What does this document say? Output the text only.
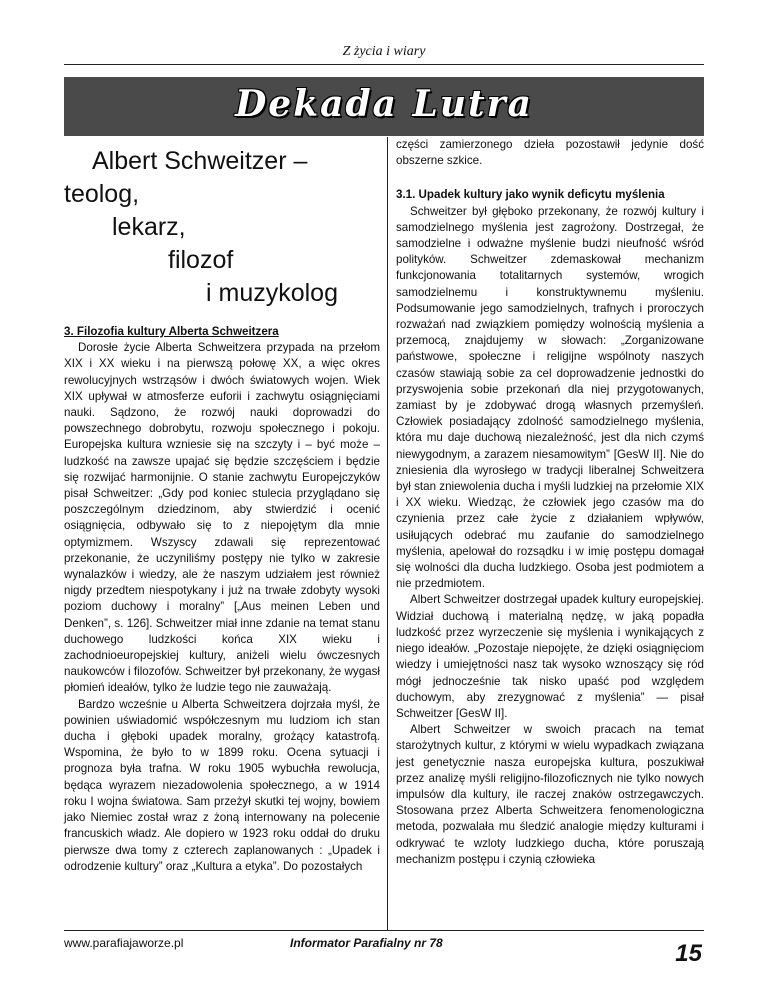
Z życia i wiary
Dekada Lutra
Albert Schweitzer –
teolog,
lekarz,
filozof
i muzykolog
3. Filozofia kultury Alberta Schweitzera

Dorosłe życie Alberta Schweitzera przypada na przełom XIX i XX wieku i na pierwszą połowę XX, a więc okres rewolucyjnych wstrząsów i dwóch światowych wojen. Wiek XIX upływał w atmosferze euforii i zachwytu osiągnięciami nauki. Sądzono, że rozwój nauki doprowadzi do powszechnego dobrobytu, rozwoju społecznego i pokoju. Europejska kultura wzniesie się na szczyty i – być może – ludzkość na zawsze upajać się będzie szczęściem i będzie się rozwijać harmonijnie. O stanie zachwytu Europejczyków pisał Schweitzer: „Gdy pod koniec stulecia przyglądano się poszczególnym dziedzinom, aby stwierdzić i ocenić osiągnięcia, odbywało się to z niepojętym dla mnie optymizmem. Wszyscy zdawali się reprezentować przekonanie, że uczyniliśmy postępy nie tylko w zakresie wynalazków i wiedzy, ale że naszym udziałem jest również nigdy przedtem niespotykany i już na trwałe zdobyty wysoki poziom duchowy i moralny” [„Aus meinen Leben und Denken”, s. 126]. Schweitzer miał inne zdanie na temat stanu duchowego ludzkości końca XIX wieku i zachodnioeuropejskiej kultury, aniżeli wielu ówczesnych naukowców i filozofów. Schweitzer był przekonany, że wygasł płomień ideałów, tylko że ludzie tego nie zauważają.

Bardzo wcześnie u Alberta Schweitzera dojrzała myśl, że powinien uświadomić współczesnym mu ludziom ich stan ducha i głęboki upadek moralny, grożący katastrofą. Wspomina, że było to w 1899 roku. Ocena sytuacji i prognoza była trafna. W roku 1905 wybuchła rewolucja, będąca wyrazem niezadowolenia społecznego, a w 1914 roku I wojna światowa. Sam przeżył skutki tej wojny, bowiem jako Niemiec został wraz z żoną internowany na polecenie francuskich władz. Ale dopiero w 1923 roku oddał do druku pierwsze dwa tomy z czterech zaplanowanych : „Upadek i odrodzenie kultury” oraz „Kultura a etyka”. Do pozostałych

części zamierzonego dzieła pozostawił jedynie dość obszerne szkice.

3.1. Upadek kultury jako wynik deficytu myślenia

Schweitzer był głęboko przekonany, że rozwój kultury i samodzielnego myślenia jest zagrożony. Dostrzegał, że samodzielne i odważne myślenie budzi nieufność wśród polityków. Schweitzer zdemaskował mechanizm funkcjonowania totalitarnych systemów, wrogich samodzielnemu i konstruktywnemu myśleniu. Podsumowanie jego samodzielnych, trafnych i proroczych rozważań nad związkiem pomiędzy wolnością myślenia a przemocą, znajdujemy w słowach: „Zorganizowane państwowe, społeczne i religijne wspólnoty naszych czasów stawiają sobie za cel doprowadzenie jednostki do przyswojenia sobie przekonań dla niej przygotowanych, zamiast by je zdobywać drogą własnych przemyśleń. Człowiek posiadający zdolność samodzielnego myślenia, która mu daje duchową niezależność, jest dla nich czymś niewygodnym, a zarazem niesamowitym” [GesW II]. Nie do zniesienia dla wyrosłego w tradycji liberalnej Schweitzera był stan zniewolenia ducha i myśli ludzkiej na przełomie XIX i XX wieku. Wiedząc, że człowiek jego czasów ma do czynienia przez całe życie z działaniem wpływów, usiłujących odebrać mu zaufanie do samodzielnego myślenia, apelował do rozsądku i w imię postępu domagał się wolności dla ducha ludzkiego. Osoba jest podmiotem a nie przedmiotem.

Albert Schweitzer dostrzegał upadek kultury europejskiej. Widział duchową i materialną nędzę, w jaką popadła ludzkość przez wyrzeczenie się myślenia i wynikających z niego ideałów. „Pozostaje niepojęte, że dzięki osiągnięciom wiedzy i umiejętności nasz tak wysoko wznoszący się ród mógł jednocześnie tak nisko upaść pod względem duchowym, aby zrezygnować z myślenia” — pisał Schweitzer [GesW II].

Albert Schweitzer w swoich pracach na temat starożytnych kultur, z którymi w wielu wypadkach związana jest genetycznie nasza europejska kultura, poszukiwał przez analizę myśli religijno-filozoficznych nie tylko nowych impulsów dla kultury, ile raczej znaków ostrzegawczych. Stosowana przez Alberta Schweitzera fenomenologiczna metoda, pozwalała mu śledzić analogie między kulturami i odkrywać te wzloty ludzkiego ducha, które poruszają mechanizm postępu i czynią człowieka

www.parafiajaworze.pl	Informator Parafialny nr 78	15
